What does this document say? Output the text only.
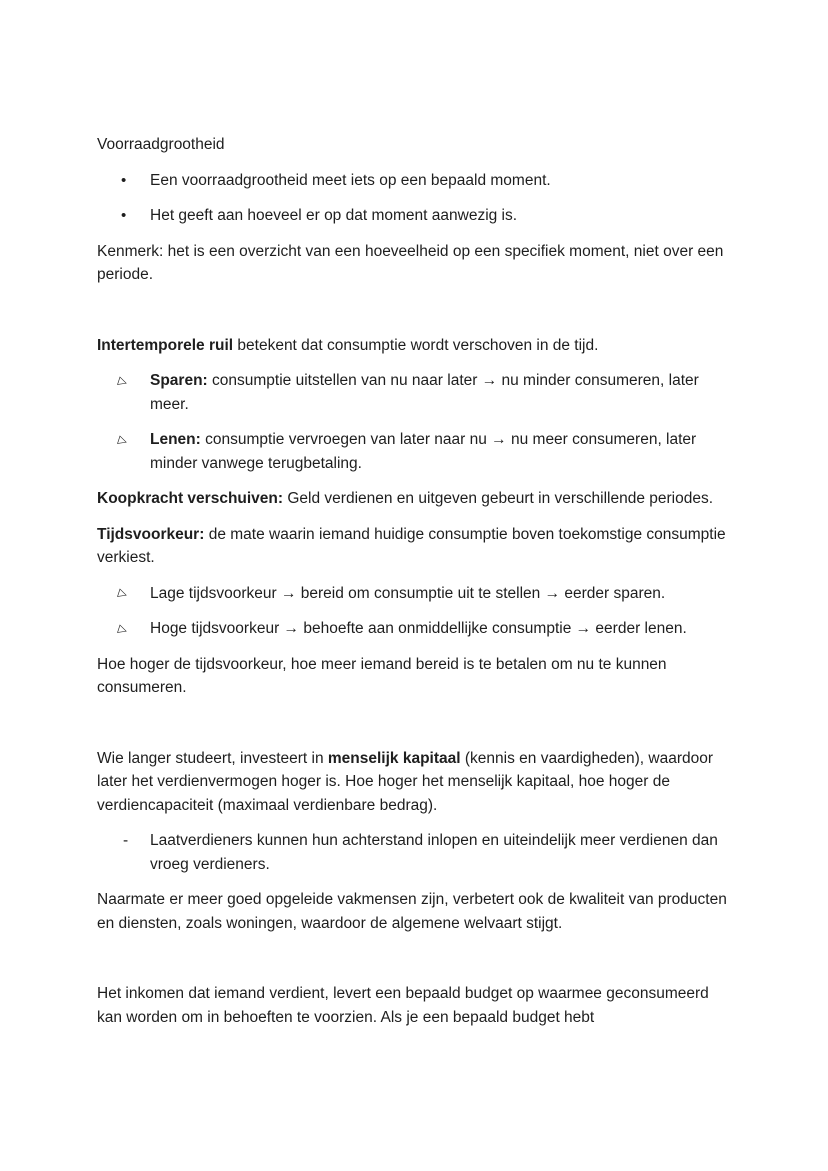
Voorraadgrootheid
• Een voorraadgrootheid meet iets op een bepaald moment.
• Het geeft aan hoeveel er op dat moment aanwezig is.
Kenmerk: het is een overzicht van een hoeveelheid op een specifiek moment, niet over een periode.
Intertemporele ruil betekent dat consumptie wordt verschoven in de tijd.
▷ Sparen: consumptie uitstellen van nu naar later → nu minder consumeren, later meer.
▷ Lenen: consumptie vervroegen van later naar nu → nu meer consumeren, later minder vanwege terugbetaling.
Koopkracht verschuiven: Geld verdienen en uitgeven gebeurt in verschillende periodes.
Tijdsvoorkeur: de mate waarin iemand huidige consumptie boven toekomstige consumptie verkiest.
▷ Lage tijdsvoorkeur → bereid om consumptie uit te stellen → eerder sparen.
▷ Hoge tijdsvoorkeur → behoefte aan onmiddellijke consumptie → eerder lenen.
Hoe hoger de tijdsvoorkeur, hoe meer iemand bereid is te betalen om nu te kunnen consumeren.
Wie langer studeert, investeert in menselijk kapitaal (kennis en vaardigheden), waardoor later het verdienvermogen hoger is. Hoe hoger het menselijk kapitaal, hoe hoger de verdiencapaciteit (maximaal verdienbare bedrag).
- Laatverdieners kunnen hun achterstand inlopen en uiteindelijk meer verdienen dan vroeg verdieners.
Naarmate er meer goed opgeleide vakmensen zijn, verbetert ook de kwaliteit van producten en diensten, zoals woningen, waardoor de algemene welvaart stijgt.
Het inkomen dat iemand verdient, levert een bepaald budget op waarmee geconsumeerd kan worden om in behoeften te voorzien. Als je een bepaald budget hebt
